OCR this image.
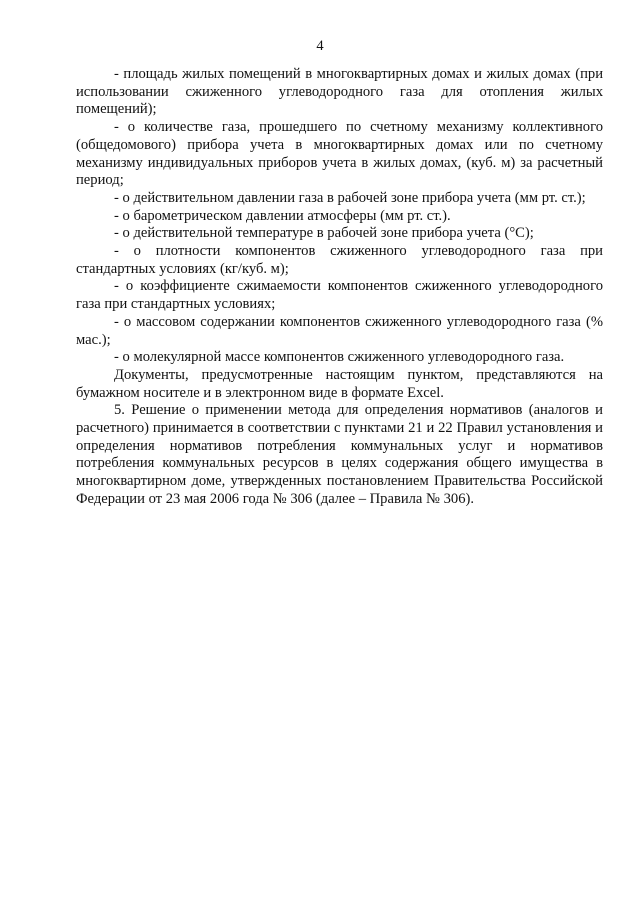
4

- площадь жилых помещений в многоквартирных домах и жилых домах (при использовании сжиженного углеводородного газа для отопления жилых помещений);

- о количестве газа, прошедшего по счетному механизму коллективного (общедомового) прибора учета в многоквартирных домах или по счетному механизму индивидуальных приборов учета в жилых домах, (куб. м) за расчетный период;

- о действительном давлении газа в рабочей зоне прибора учета (мм рт. ст.);

- о барометрическом давлении атмосферы (мм рт. ст.).

- о действительной температуре в рабочей зоне прибора учета (°С);

- о плотности компонентов сжиженного углеводородного газа при стандартных условиях (кг/куб. м);

- о коэффициенте сжимаемости компонентов сжиженного углеводородного газа при стандартных условиях;

- о массовом содержании компонентов сжиженного углеводородного газа (% мас.);

- о молекулярной массе компонентов сжиженного углеводородного газа.

Документы, предусмотренные настоящим пунктом, представляются на бумажном носителе и в электронном виде в формате Excel.

5. Решение о применении метода для определения нормативов (аналогов и расчетного) принимается в соответствии с пунктами 21 и 22 Правил установления и определения нормативов потребления коммунальных услуг и нормативов потребления коммунальных ресурсов в целях содержания общего имущества в многоквартирном доме, утвержденных постановлением Правительства Российской Федерации от 23 мая 2006 года № 306 (далее – Правила № 306).
